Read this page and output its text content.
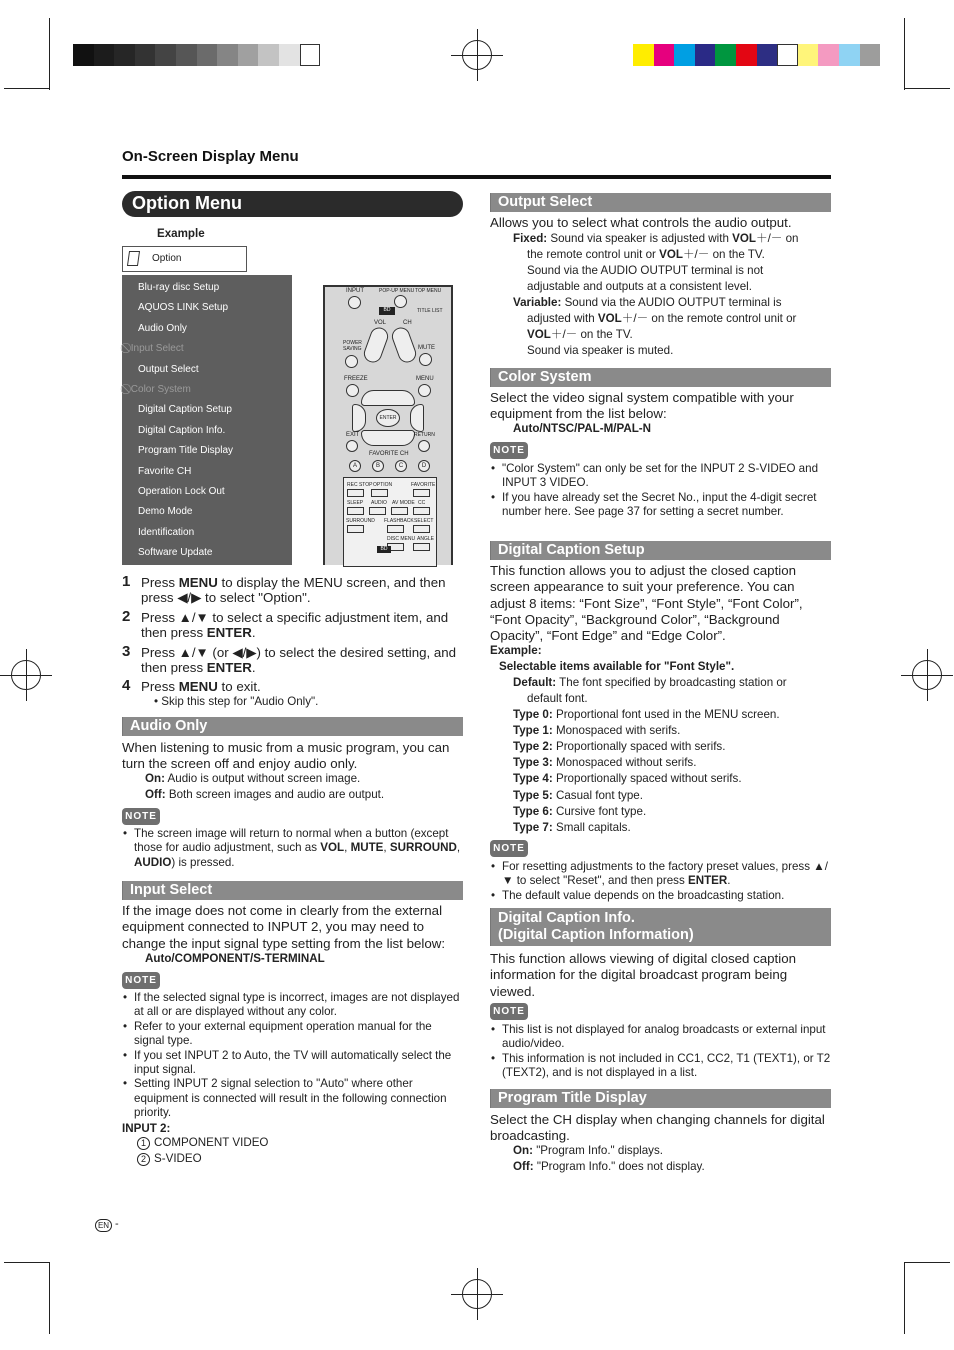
On-Screen Display Menu
Option Menu
Example
Option
Blu-ray disc Setup
AQUOS LINK Setup
Audio Only
⃠ Input Select
Output Select
⃠ Color System
Digital Caption Setup
Digital Caption Info.
Program Title Display
Favorite CH
Operation Lock Out
Demo Mode
Identification
Software Update
INPUT	POP-UP MENU TOP MENU
BD	TITLE LIST
VOL	CH
POWER SAVING	MUTE
FREEZE	MENU
ENTER
EXIT	RETURN
FAVORITE CH
A	B	C	D
REC STOP OPTION	FAVORITE
SLEEP AUDIO AV MODE CC
SURROUND FLASHBACK SELECT
DISC MENU ANGLE
BD
1 Press MENU to display the MENU screen, and then press ◀/▶ to select "Option".
2 Press ▲/▼ to select a specific adjustment item, and then press ENTER.
3 Press ▲/▼ (or ◀/▶) to select the desired setting, and then press ENTER.
4 Press MENU to exit.
• Skip this step for "Audio Only".
Audio Only
When listening to music from a music program, you can turn the screen off and enjoy audio only.
On: Audio is output without screen image.
Off: Both screen images and audio are output.
NOTE
• The screen image will return to normal when a button (except those for audio adjustment, such as VOL, MUTE, SURROUND, AUDIO) is pressed.
Input Select
If the image does not come in clearly from the external equipment connected to INPUT 2, you may need to change the input signal type setting from the list below:
Auto/COMPONENT/S-TERMINAL
NOTE
• If the selected signal type is incorrect, images are not displayed at all or are displayed without any color.
• Refer to your external equipment operation manual for the signal type.
• If you set INPUT 2 to Auto, the TV will automatically select the input signal.
• Setting INPUT 2 signal selection to "Auto" where other equipment is connected will result in the following connection priority.
INPUT 2:
1 COMPONENT VIDEO
2 S-VIDEO
Output Select
Allows you to select what controls the audio output.
Fixed: Sound via speaker is adjusted with VOL＋/－ on
the remote control unit or VOL＋/－ on the TV.
Sound via the AUDIO OUTPUT terminal is not
adjustable and outputs at a consistent level.
Variable: Sound via the AUDIO OUTPUT terminal is
adjusted with VOL＋/－ on the remote control unit or
VOL＋/－ on the TV.
Sound via speaker is muted.
Color System
Select the video signal system compatible with your equipment from the list below:
Auto/NTSC/PAL-M/PAL-N
NOTE
• "Color System" can only be set for the INPUT 2 S-VIDEO and INPUT 3 VIDEO.
• If you have already set the Secret No., input the 4-digit secret number here. See page 37 for setting a secret number.
Digital Caption Setup
This function allows you to adjust the closed caption screen appearance to suit your preference. You can adjust 8 items: “Font Size”, “Font Style”, “Font Color”, “Font Opacity”, “Background Color”, “Background Opacity”, “Font Edge” and “Edge Color”.
Example:
Selectable items available for "Font Style".
Default: The font specified by broadcasting station or
default font.
Type 0: Proportional font used in the MENU screen.
Type 1: Monospaced with serifs.
Type 2: Proportionally spaced with serifs.
Type 3: Monospaced without serifs.
Type 4: Proportionally spaced without serifs.
Type 5: Casual font type.
Type 6: Cursive font type.
Type 7: Small capitals.
NOTE
• For resetting adjustments to the factory preset values, press ▲/▼ to select "Reset", and then press ENTER.
• The default value depends on the broadcasting station.
Digital Caption Info.
(Digital Caption Information)
This function allows viewing of digital closed caption information for the digital broadcast program being viewed.
NOTE
• This list is not displayed for analog broadcasts or external input audio/video.
• This information is not included in CC1, CC2, T1 (TEXT1), or T2 (TEXT2), and is not displayed in a list.
Program Title Display
Select the CH display when changing channels for digital broadcasting.
On: "Program Info." displays.
Off: "Program Info." does not display.
EN -
